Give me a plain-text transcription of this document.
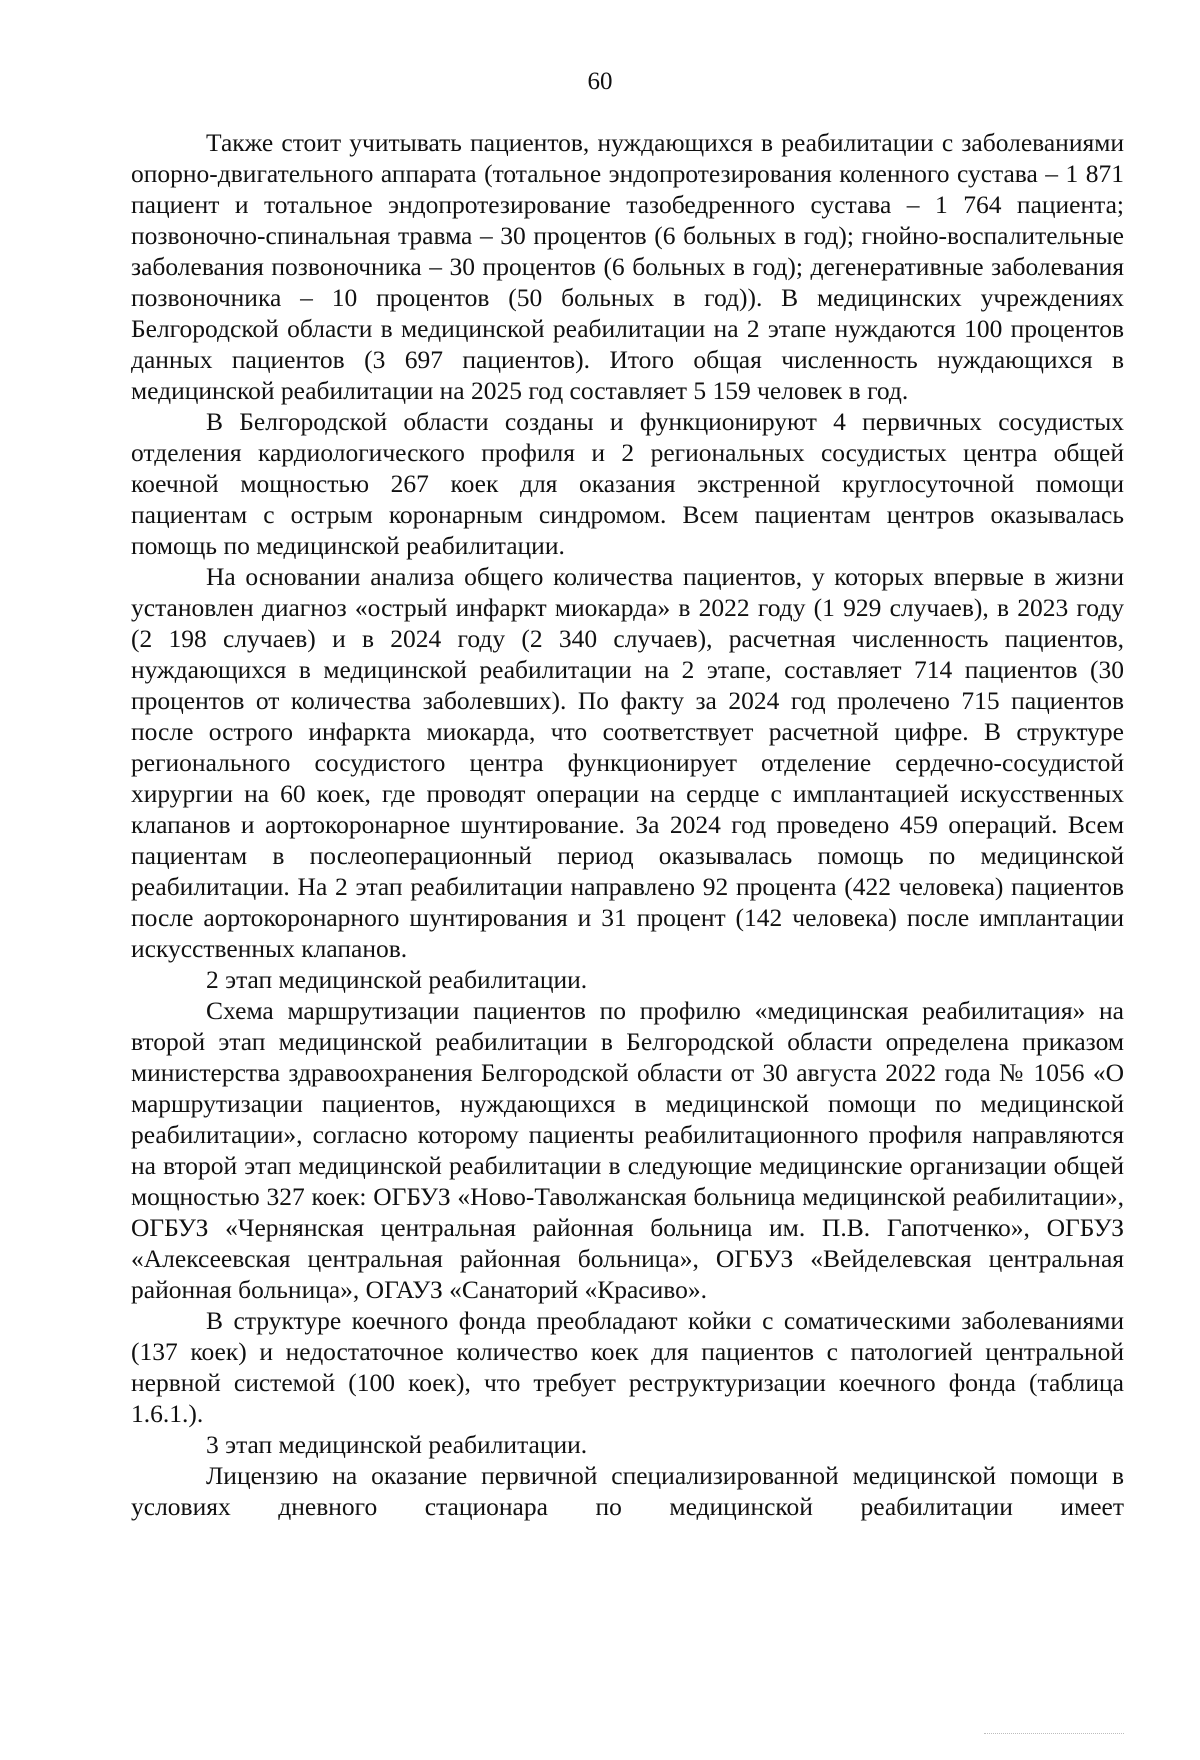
60

Также стоит учитывать пациентов, нуждающихся в реабилитации с заболеваниями опорно-двигательного аппарата (тотальное эндопротезирования коленного сустава – 1 871 пациент и тотальное эндопротезирование тазобедренного сустава – 1 764 пациента; позвоночно-спинальная травма – 30 процентов (6 больных в год); гнойно-воспалительные заболевания позвоночника – 30 процентов (6 больных в год); дегенеративные заболевания позвоночника – 10 процентов (50 больных в год)). В медицинских учреждениях Белгородской области в медицинской реабилитации на 2 этапе нуждаются 100 процентов данных пациентов (3 697 пациентов). Итого общая численность нуждающихся в медицинской реабилитации на 2025 год составляет 5 159 человек в год.

В Белгородской области созданы и функционируют 4 первичных сосудистых отделения кардиологического профиля и 2 региональных сосудистых центра общей коечной мощностью 267 коек для оказания экстренной круглосуточной помощи пациентам с острым коронарным синдромом. Всем пациентам центров оказывалась помощь по медицинской реабилитации.

На основании анализа общего количества пациентов, у которых впервые в жизни установлен диагноз «острый инфаркт миокарда» в 2022 году (1 929 случаев), в 2023 году (2 198 случаев) и в 2024 году (2 340 случаев), расчетная численность пациентов, нуждающихся в медицинской реабилитации на 2 этапе, составляет 714 пациентов (30 процентов от количества заболевших). По факту за 2024 год пролечено 715 пациентов после острого инфаркта миокарда, что соответствует расчетной цифре. В структуре регионального сосудистого центра функционирует отделение сердечно-сосудистой хирургии на 60 коек, где проводят операции на сердце с имплантацией искусственных клапанов и аортокоронарное шунтирование. За 2024 год проведено 459 операций. Всем пациентам в послеоперационный период оказывалась помощь по медицинской реабилитации. На 2 этап реабилитации направлено 92 процента (422 человека) пациентов после аортокоронарного шунтирования и 31 процент (142 человека) после имплантации искусственных клапанов.

2 этап медицинской реабилитации.

Схема маршрутизации пациентов по профилю «медицинская реабилитация» на второй этап медицинской реабилитации в Белгородской области определена приказом министерства здравоохранения Белгородской области от 30 августа 2022 года № 1056 «О маршрутизации пациентов, нуждающихся в медицинской помощи по медицинской реабилитации», согласно которому пациенты реабилитационного профиля направляются на второй этап медицинской реабилитации в следующие медицинские организации общей мощностью 327 коек: ОГБУЗ «Ново-Таволжанская больница медицинской реабилитации», ОГБУЗ «Чернянская центральная районная больница им. П.В. Гапотченко», ОГБУЗ «Алексеевская центральная районная больница», ОГБУЗ «Вейделевская центральная районная больница», ОГАУЗ «Санаторий «Красиво».

В структуре коечного фонда преобладают койки с соматическими заболеваниями (137 коек) и недостаточное количество коек для пациентов с патологией центральной нервной системой (100 коек), что требует реструктуризации коечного фонда (таблица 1.6.1.).

3 этап медицинской реабилитации.

Лицензию на оказание первичной специализированной медицинской помощи в условиях дневного стационара по медицинской реабилитации имеет
